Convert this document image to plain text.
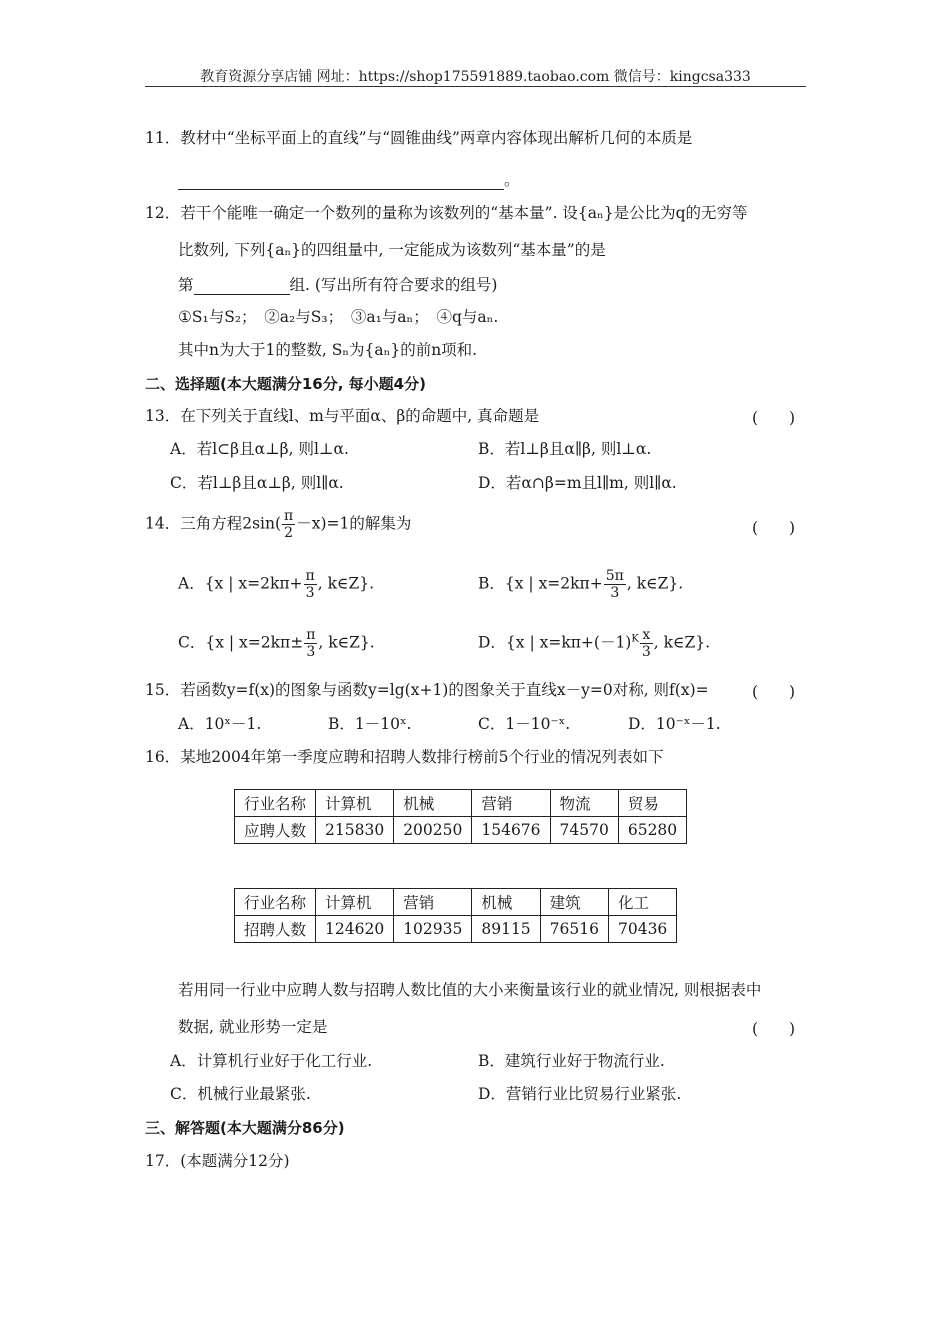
教育资源分享店铺 网址：https://shop175591889.taobao.com 微信号：kingcsa333
11．教材中“坐标平面上的直线”与“圆锥曲线”两章内容体现出解析几何的本质是
。
12．若干个能唯一确定一个数列的量称为该数列的“基本量”. 设{aₙ}是公比为q的无穷等
比数列, 下列{aₙ}的四组量中, 一定能成为该数列“基本量”的是
第	组. (写出所有符合要求的组号)
①S₁与S₂；　②a₂与S₃；　③a₁与aₙ；　④q与aₙ.
其中n为大于1的整数, Sₙ为{aₙ}的前n项和.
二、选择题(本大题满分16分, 每小题4分)
13．在下列关于直线l、m与平面α、β的命题中, 真命题是	(　　)
A．若l⊂β且α⊥β, 则l⊥α.	B．若l⊥β且α∥β, 则l⊥α.
C．若l⊥β且α⊥β, 则l∥α.	D．若α∩β=m且l∥m, 则l∥α.
14．三角方程$2\sin( \frac{\pi}{2} -x)=1$的解集为	(　　)
A．{x | $x=2k\pi+ \frac{\pi}{3}$ , k∈Z}.	B．{x | $x=2k\pi+ \frac{5\pi}{3}$ , k∈Z}.
C．{x | $x=2k\pi\pm \frac{\pi}{3}$ , k∈Z}.	D．{x | $x=k\pi+(-1)^K \frac{x}{3}$ , k∈Z}.
15．若函数y=f(x)的图象与函数y=lg(x+1)的图象关于直线x－y=0对称, 则f(x)=	(　　)
A．10ˣ－1.	B．1－10ˣ.	C．1－10⁻ˣ.	D．10⁻ˣ－1.
16．某地2004年第一季度应聘和招聘人数排行榜前5个行业的情况列表如下
行业名称	计算机	机械	营销	物流	贸易
应聘人数	215830	200250	154676	74570	65280
行业名称	计算机	营销	机械	建筑	化工
招聘人数	124620	102935	89115	76516	70436
若用同一行业中应聘人数与招聘人数比值的大小来衡量该行业的就业情况, 则根据表中
数据, 就业形势一定是	(　　)
A．计算机行业好于化工行业.	B．建筑行业好于物流行业.
C．机械行业最紧张.	D．营销行业比贸易行业紧张.
三、解答题(本大题满分86分)
17．(本题满分12分)
